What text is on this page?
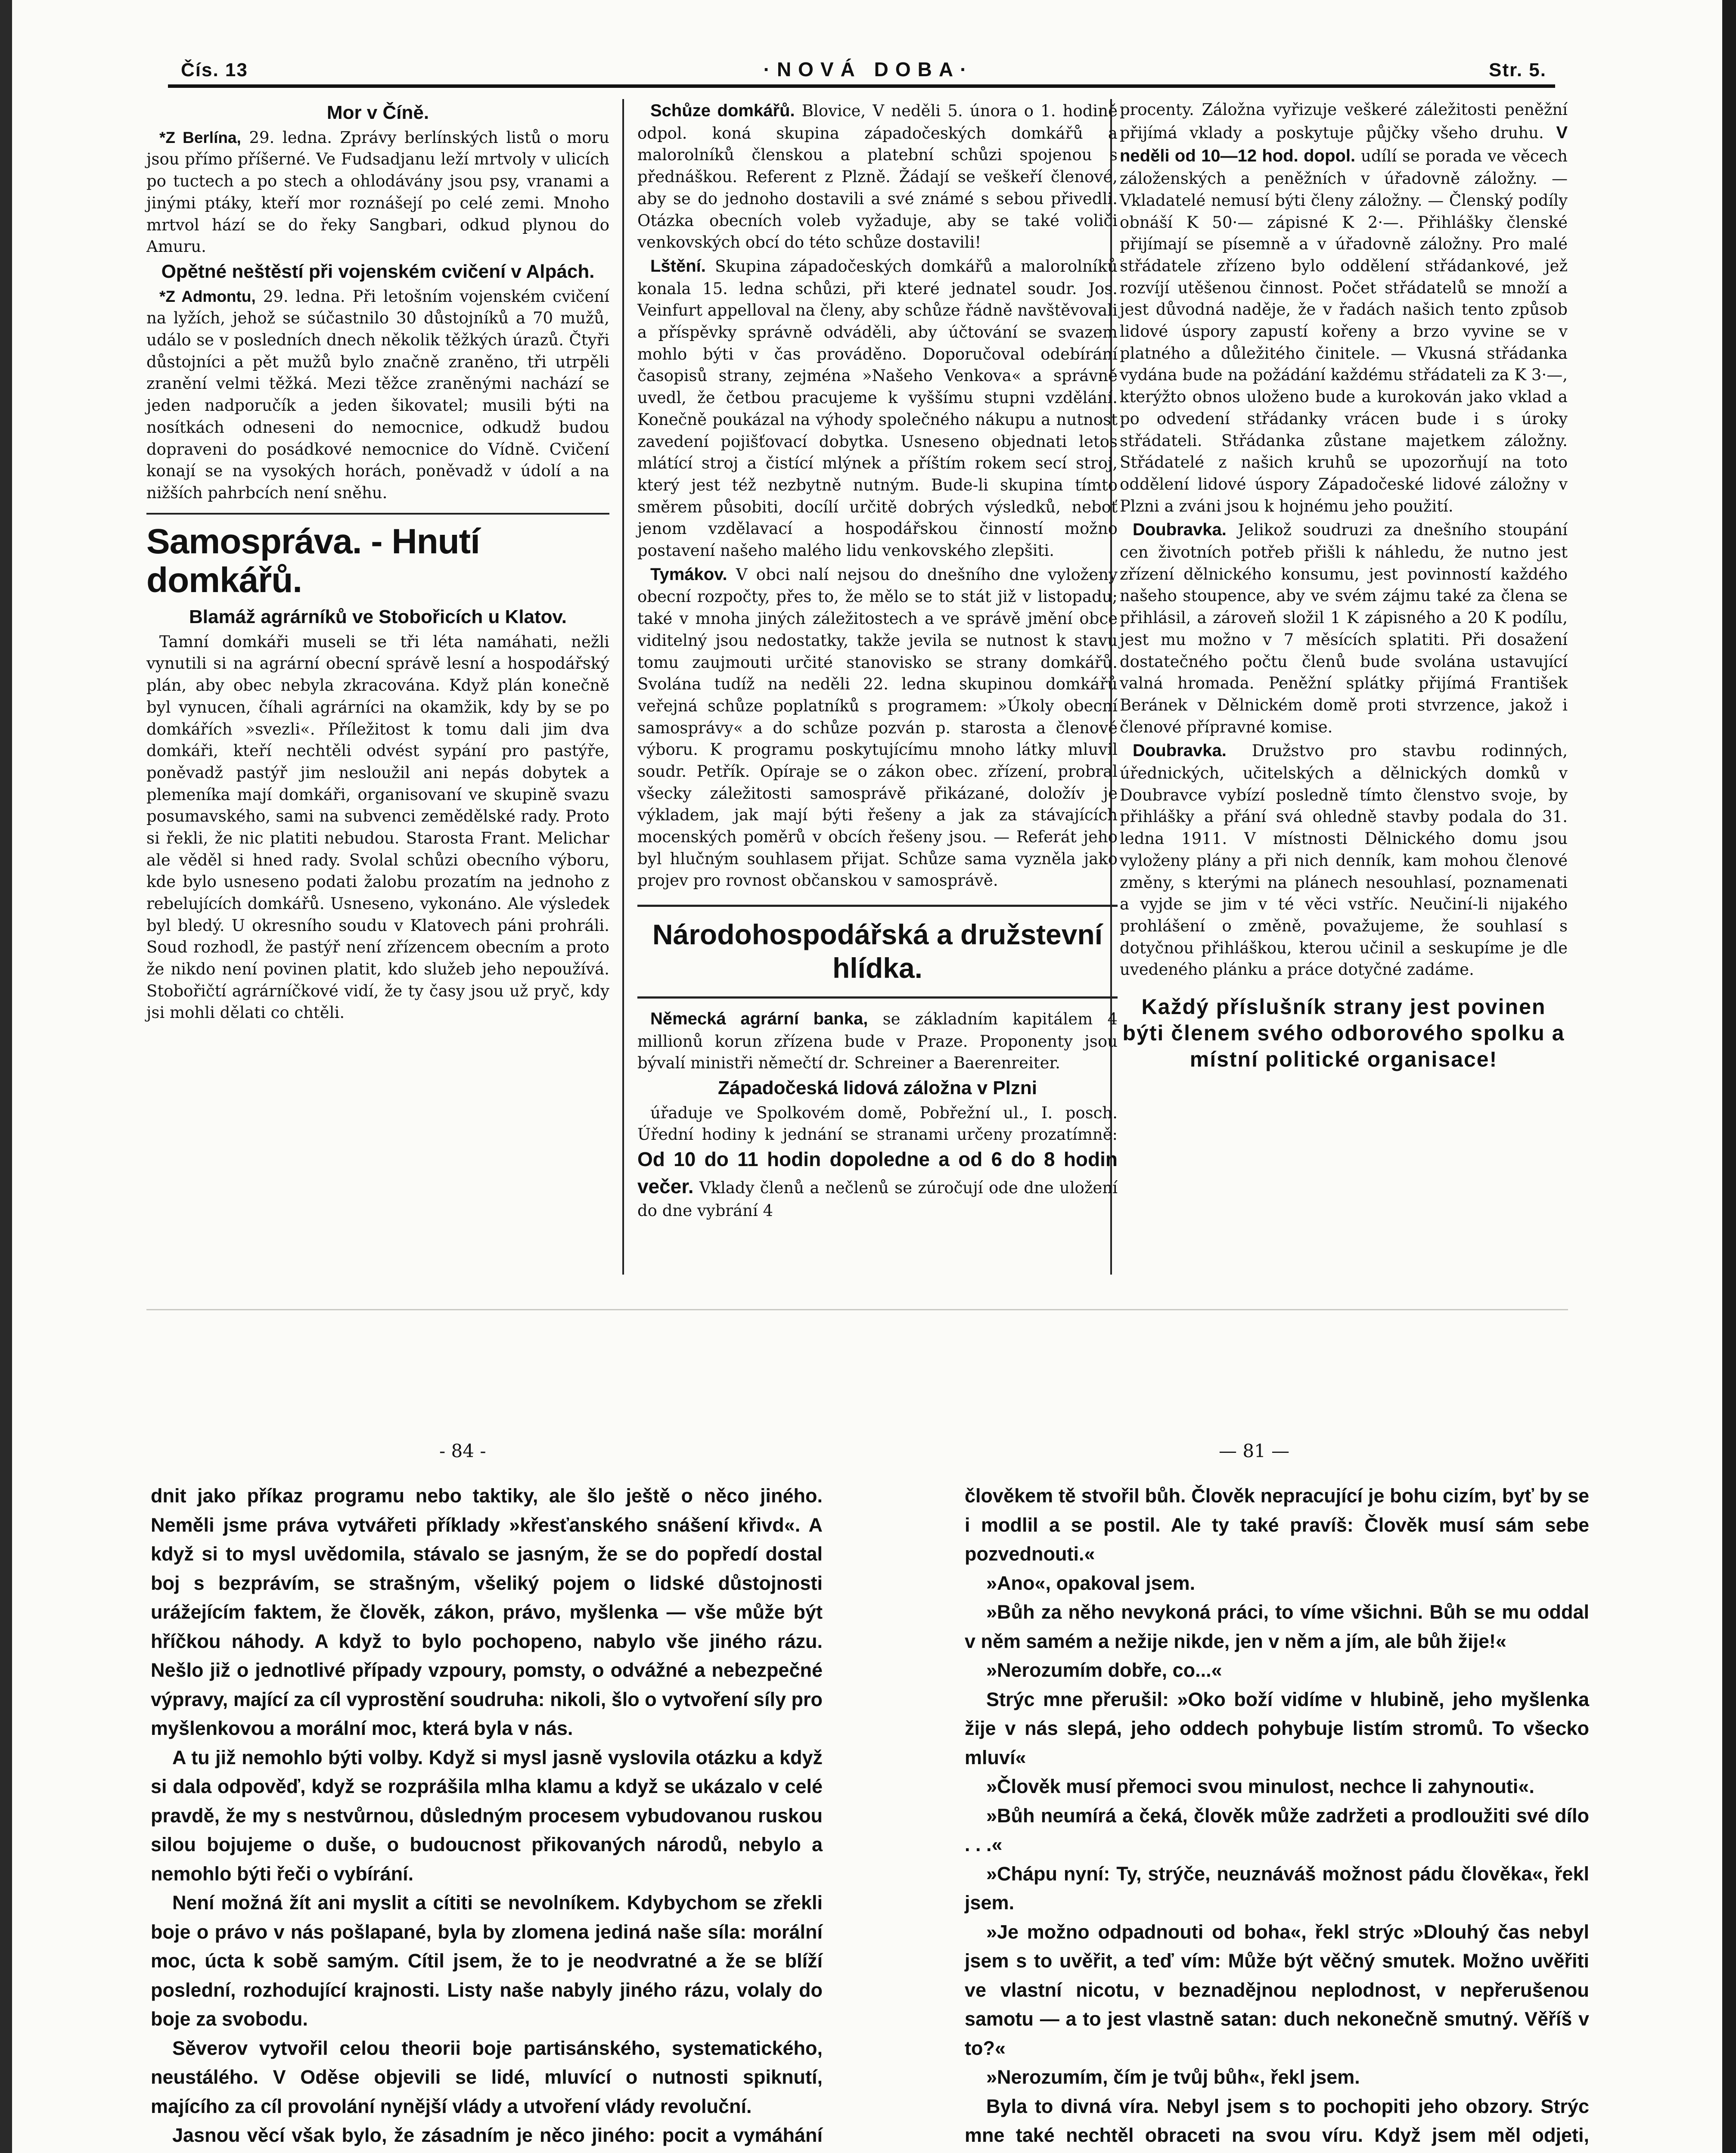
Čís. 13	·NOVÁ DOBA·	Str. 5.
Mor v Číně.

*Z Berlína, 29. ledna. Zprávy berlínských listů o moru jsou přímo příšerné. Ve Fudsadjanu leží mrtvoly v ulicích po tuctech a po stech a ohlodávány jsou psy, vranami a jinými ptáky, kteří mor roznášejí po celé zemi. Mnoho mrtvol hází se do řeky Sangbari, odkud plynou do Amuru.

Opětné neštěstí při vojenském cvičení v Alpách.

*Z Admontu, 29. ledna. Při letošním vojenském cvičení na lyžích, jehož se súčastnilo 30 důstojníků a 70 mužů, událo se v posledních dnech několik těžkých úrazů. Čtyři důstojníci a pět mužů bylo značně zraněno, tři utrpěli zranění velmi těžká. Mezi těžce zraněnými nachází se jeden nadporučík a jeden šikovatel; musili býti na nosítkách odneseni do nemocnice, odkudž budou dopraveni do posádkové nemocnice do Vídně. Cvičení konají se na vysokých horách, poněvadž v údolí a na nižších pahrbcích není sněhu.

Samospráva. - Hnutí domkářů.
Blamáž agrárníků ve Stobořicích u Klatov.

Tamní domkáři museli se tři léta namáhati, nežli vynutili si na agrární obecní správě lesní a hospodářský plán, aby obec nebyla zkracována. Když plán konečně byl vynucen, číhali agrárníci na okamžik, kdy by se po domkářích »svezli«. Příležitost k tomu dali jim dva domkáři, kteří nechtěli odvést sypání pro pastýře, poněvadž pastýř jim nesloužil ani nepás dobytek a plemeníka mají domkáři, organisovaní ve skupině svazu posumavského, sami na subvenci zemědělské rady. Proto si řekli, že nic platiti nebudou. Starosta Frant. Melichar ale věděl si hned rady. Svolal schůzi obecního výboru, kde bylo usneseno podati žalobu prozatím na jednoho z rebelujících domkářů. Usneseno, vykonáno. Ale výsledek byl bledý. U okresního soudu v Klatovech páni prohráli. Soud rozhodl, že pastýř není zřízencem obecním a proto že nikdo není povinen platit, kdo služeb jeho nepoužívá. Stobořičtí agrárníčkové vidí, že ty časy jsou už pryč, kdy jsi mohli dělati co chtěli.

Schůze domkářů. Blovice, V neděli 5. února o 1. hodině odpol. koná skupina západočeských domkářů a malorolníků členskou a platební schůzi spojenou s přednáškou. Referent z Plzně. Žádají se veškeří členové, aby se do jednoho dostavili a své známé s sebou přivedli. Otázka obecních voleb vyžaduje, aby se také voliči venkovských obcí do této schůze dostavili!

Lštění. Skupina západočeských domkářů a malorolníků konala 15. ledna schůzi, při které jednatel soudr. Jos. Veinfurt appelloval na členy, aby schůze řádně navštěvovali a příspěvky správně odváděli, aby účtování se svazem mohlo býti v čas prováděno. Doporučoval odebírání časopisů strany, zejména »Našeho Venkova« a správně uvedl, že četbou pracujeme k vyššímu stupni vzdělání. Konečně poukázal na výhody společného nákupu a nutnost zavedení pojišťovací dobytka. Usneseno objednati letos mlátící stroj a čistící mlýnek a příštím rokem secí stroj, který jest též nezbytně nutným. Bude-li skupina tímto směrem působiti, docílí určitě dobrých výsledků, neboť jenom vzdělavací a hospodářskou činností možno postavení našeho malého lidu venkovského zlepšiti.

Tymákov. V obci nalí nejsou do dnešního dne vyloženy obecní rozpočty, přes to, že mělo se to stát již v listopadu; také v mnoha jiných záležitostech a ve správě jmění obce viditelný jsou nedostatky, takže jevila se nutnost k stavu tomu zaujmouti určité stanovisko se strany domkářů. Svolána tudíž na neděli 22. ledna skupinou domkářů veřejná schůze poplatníků s programem: »Úkoly obecní samosprávy« a do schůze pozván p. starosta a členové výboru. K programu poskytujícímu mnoho látky mluvil soudr. Petřík. Opíraje se o zákon obec. zřízení, probral všecky záležitosti samosprávě přikázané, doložív je výkladem, jak mají býti řešeny a jak za stávajících mocenských poměrů v obcích řešeny jsou. — Referát jeho byl hlučným souhlasem přijat. Schůze sama vyzněla jako projev pro rovnost občanskou v samosprávě.

Národohospodářská a družstevní hlídka.

Německá agrární banka, se základním kapitálem 4 millionů korun zřízena bude v Praze. Proponenty jsou bývalí ministři němečtí dr. Schreiner a Baerenreiter.

Západočeská lidová záložna v Plzni

úřaduje ve Spolkovém domě, Pobřežní ul., I. posch. Úřední hodiny k jednání se stranami určeny prozatímně: Od 10 do 11 hodin dopoledne a od 6 do 8 hodin večer. Vklady členů a nečlenů se zúročují ode dne uložení do dne vybrání 4

procenty. Záložna vyřizuje veškeré záležitosti peněžní přijímá vklady a poskytuje půjčky všeho druhu. V neděli od 10—12 hod. dopol. udílí se porada ve věcech záloženských a peněžních v úřadovně záložny. — Vkladatelé nemusí býti členy záložny. — Členský podíly obnáší K 50·— zápisné K 2·—. Přihlášky členské přijímají se písemně a v úřadovně záložny. Pro malé střádatele zřízeno bylo oddělení střádankové, jež rozvíjí utěšenou činnost. Počet střádatelů se množí a jest důvodná naděje, že v řadách našich tento způsob lidové úspory zapustí kořeny a brzo vyvine se v platného a důležitého činitele. — Vkusná střádanka vydána bude na požádání každému střádateli za K 3·—, kterýžto obnos uloženo bude a kurokován jako vklad a po odvedení střádanky vrácen bude i s úroky střádateli. Střádanka zůstane majetkem záložny. Střádatelé z našich kruhů se upozorňují na toto oddělení lidové úspory Západočeské lidové záložny v Plzni a zváni jsou k hojnému jeho použití.

Doubravka. Jelikož soudruzi za dnešního stoupání cen životních potřeb přišli k náhledu, že nutno jest zřízení dělnického konsumu, jest povinností každého našeho stoupence, aby ve svém zájmu také za člena se přihlásil, a zároveň složil 1 K zápisného a 20 K podílu, jest mu možno v 7 měsících splatiti. Při dosažení dostatečného počtu členů bude svolána ustavující valná hromada. Peněžní splátky přijímá František Beránek v Dělnickém domě proti stvrzence, jakož i členové přípravné komise.

Doubravka. Družstvo pro stavbu rodinných, úřednických, učitelských a dělnických domků v Doubravce vybízí posledně tímto členstvo svoje, by přihlášky a přání svá ohledně stavby podala do 31. ledna 1911. V místnosti Dělnického domu jsou vyloženy plány a při nich denník, kam mohou členové změny, s kterými na plánech nesouhlasí, poznamenati a vyjde se jim v té věci vstříc. Neučiní-li nijakého prohlášení o změně, považujeme, že souhlasí s dotyčnou přihláškou, kterou učinil a seskupíme je dle uvedeného plánku a práce dotyčné zadáme.

Každý příslušník strany jest povinen býti členem svého odborového spolku a místní politické organisace!
- 84 -	— 81 —

dnit jako příkaz programu nebo taktiky, ale šlo ještě o něco jiného. Neměli jsme práva vytvářeti příklady »křesťanského snášení křivd«. A když si to mysl uvědomila, stávalo se jasným, že se do popředí dostal boj s bezprávím, se strašným, všeliký pojem o lidské důstojnosti urážejícím faktem, že člověk, zákon, právo, myšlenka — vše může být hříčkou náhody. A když to bylo pochopeno, nabylo vše jiného rázu. Nešlo již o jednotlivé případy vzpoury, pomsty, o odvážné a nebezpečné výpravy, mající za cíl vyprostění soudruha: nikoli, šlo o vytvoření síly pro myšlenkovou a morální moc, která byla v nás.

A tu již nemohlo býti volby. Když si mysl jasně vyslovila otázku a když si dala odpověď, když se rozprášila mlha klamu a když se ukázalo v celé pravdě, že my s nestvůrnou, důsledným procesem vybudovanou ruskou silou bojujeme o duše, o budoucnost přikovaných národů, nebylo a nemohlo býti řeči o vybírání.

Není možná žít ani myslit a cítiti se nevolníkem. Kdybychom se zřekli boje o právo v nás pošlapané, byla by zlomena jediná naše síla: morální moc, úcta k sobě samým. Cítil jsem, že to je neodvratné a že se blíží poslední, rozhodující krajnosti. Listy naše nabyly jiného rázu, volaly do boje za svobodu.

Sěverov vytvořil celou theorii boje partisánského, systematického, neustálého. V Oděse objevili se lidé, mluvící o nutnosti spiknutí, majícího za cíl provolání nynější vlády a utvoření vlády revoluční.

Jasnou věcí však bylo, že zásadním je něco jiného: pocit a vymáhání

člověkem tě stvořil bůh. Člověk nepracující je bohu cizím, byť by se i modlil a se postil. Ale ty také pravíš: Člověk musí sám sebe pozvednouti.«

»Ano«, opakoval jsem.

»Bůh za něho nevykoná práci, to víme všichni. Bůh se mu oddal v něm samém a nežije nikde, jen v něm a jím, ale bůh žije!«

»Nerozumím dobře, co...«

Strýc mne přerušil: »Oko boží vidíme v hlubině, jeho myšlenka žije v nás slepá, jeho oddech pohybuje listím stromů. To všecko mluví«

»Člověk musí přemoci svou minulost, nechce li zahynouti«.

»Bůh neumírá a čeká, člověk může zadržeti a prodloužiti své dílo . . .«

»Chápu nyní: Ty, strýče, neuznáváš možnost pádu člověka«, řekl jsem.

»Je možno odpadnouti od boha«, řekl strýc »Dlouhý čas nebyl jsem s to uvěřit, a teď vím: Může být věčný smutek. Možno uvěřiti ve vlastní nicotu, v beznadějnou neplodnost, v nepřerušenou samotu — a to jest vlastně satan: duch nekonečně smutný. Věříš v to?«

»Nerozumím, čím je tvůj bůh«, řekl jsem.

Byla to divná víra. Nebyl jsem s to pochopiti jeho obzory. Strýc mne také nechtěl obraceti na svou víru. Když jsem měl odjeti,
